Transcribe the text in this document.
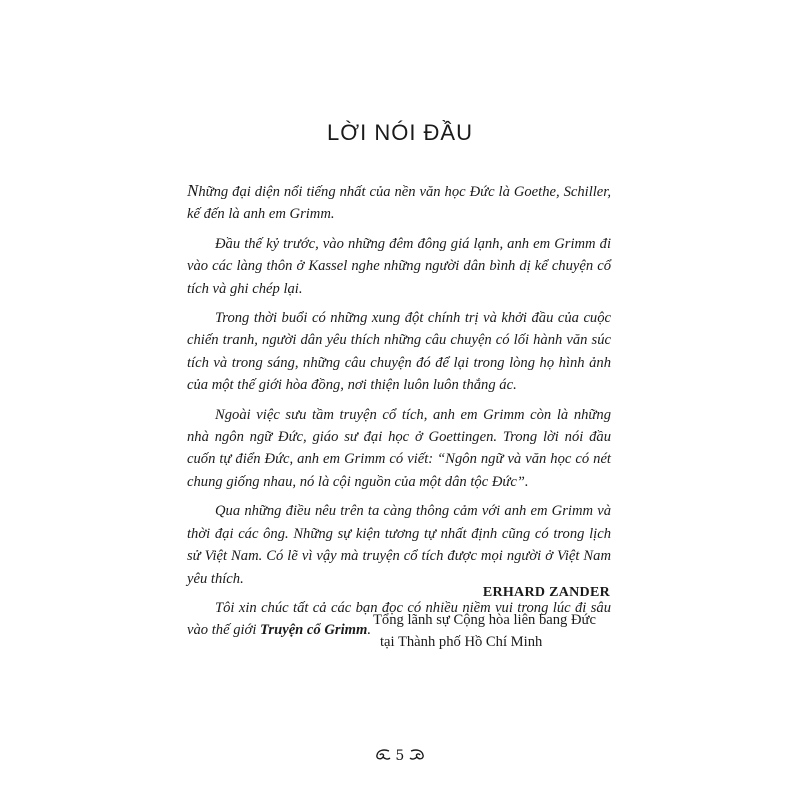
LỜI NÓI ĐẦU

Những đại diện nổi tiếng nhất của nền văn học Đức là Goethe, Schiller, kế đến là anh em Grimm.

Đầu thế kỷ trước, vào những đêm đông giá lạnh, anh em Grimm đi vào các làng thôn ở Kassel nghe những người dân bình dị kể chuyện cổ tích và ghi chép lại.

Trong thời buổi có những xung đột chính trị và khởi đầu của cuộc chiến tranh, người dân yêu thích những câu chuyện có lối hành văn súc tích và trong sáng, những câu chuyện đó để lại trong lòng họ hình ảnh của một thế giới hòa đồng, nơi thiện luôn luôn thắng ác.

Ngoài việc sưu tầm truyện cổ tích, anh em Grimm còn là những nhà ngôn ngữ Đức, giáo sư đại học ở Goettingen. Trong lời nói đầu cuốn tự điển Đức, anh em Grimm có viết: “Ngôn ngữ và văn học có nét chung giống nhau, nó là cội nguồn của một dân tộc Đức”.

Qua những điều nêu trên ta càng thông cảm với anh em Grimm và thời đại các ông. Những sự kiện tương tự nhất định cũng có trong lịch sử Việt Nam. Có lẽ vì vậy mà truyện cổ tích được mọi người ở Việt Nam yêu thích.

Tôi xin chúc tất cả các bạn đọc có nhiều niềm vui trong lúc đi sâu vào thế giới Truyện cổ Grimm.

ERHARD ZANDER
Tổng lãnh sự Cộng hòa liên bang Đức
tại Thành phố Hồ Chí Minh
5
